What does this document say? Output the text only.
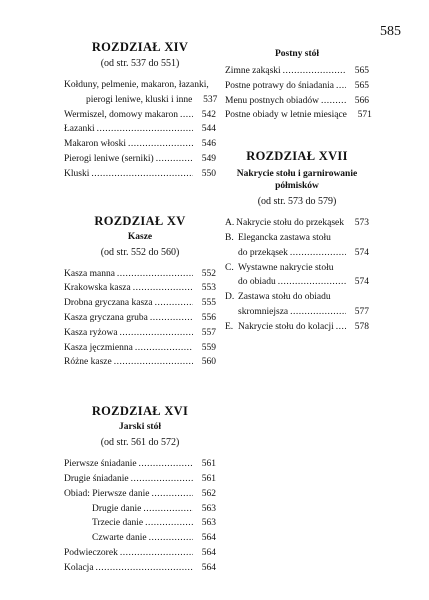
585
ROZDZIAŁ XIV
(od str. 537 do 551)
Kołduny, pelmenie, makaron, łazanki,
pierogi leniwe, kluski i inne	537
Wermiszel, domowy makaron .....	542
Łazanki .....	544
Makaron włoski .....	546
Pierogi leniwe (serniki) .....	549
Kluski .....	550
ROZDZIAŁ XV
Kasze
(od str. 552 do 560)
Kasza manna .....	552
Krakowska kasza .....	553
Drobna gryczana kasza .....	555
Kasza gryczana gruba .....	556
Kasza ryżowa .....	557
Kasza jęczmienna .....	559
Różne kasze .....	560
ROZDZIAŁ XVI
Jarski stół
(od str. 561 do 572)
Pierwsze śniadanie .....	561
Drugie śniadanie .....	561
Obiad: Pierwsze danie .....	562
Drugie danie .....	563
Trzecie danie .....	563
Czwarte danie .....	564
Podwieczorek .....	564
Kolacja .....	564
Postny stół
Zimne zakąski .....	565
Postne potrawy do śniadania .....	565
Menu postnych obiadów .....	566
Postne obiady w letnie miesiące	571
ROZDZIAŁ XVII
Nakrycie stołu i garnirowanie
półmisków
(od str. 573 do 579)
A. Nakrycie stołu do przekąsek	573
B. Elegancka zastawa stołu
do przekąsek .....	574
C. Wystawne nakrycie stołu
do obiadu .....	574
D. Zastawa stołu do obiadu
skromniejsza .....	577
E. Nakrycie stołu do kolacji .....	578
